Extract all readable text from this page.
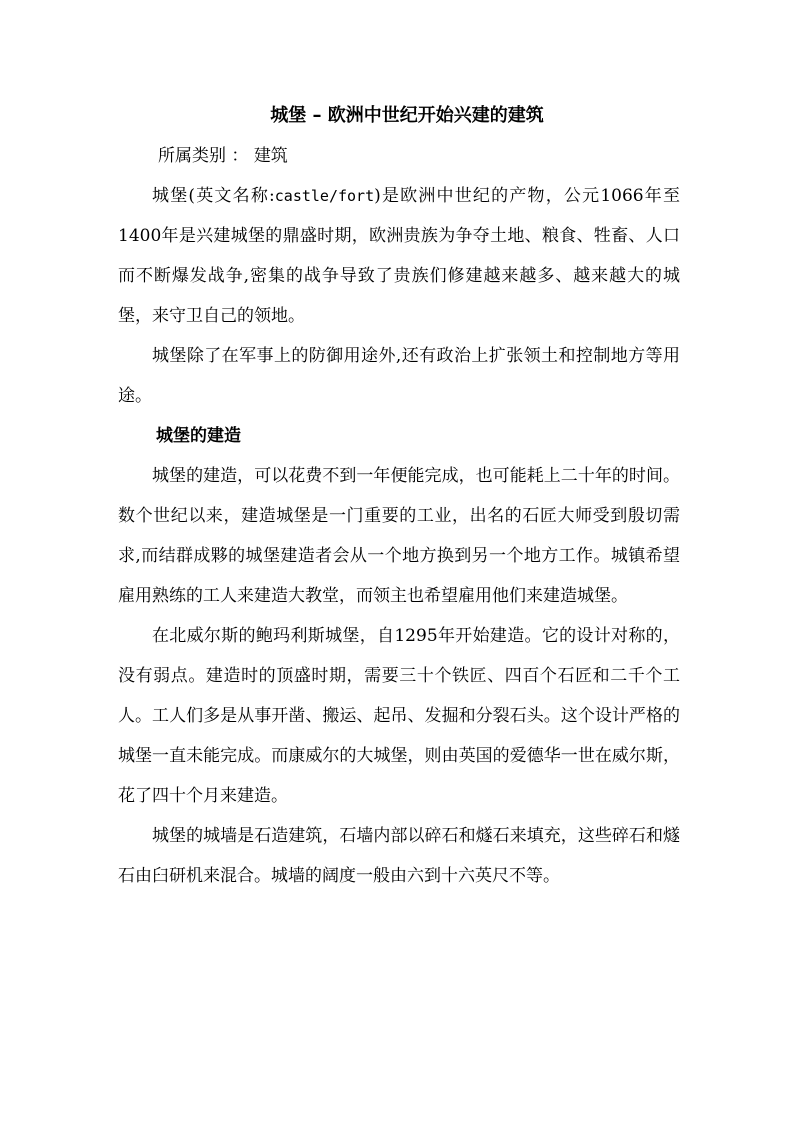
城堡 – 欧洲中世纪开始兴建的建筑
所属类别 ： 建筑

城堡(英文名称:castle/fort)是欧洲中世纪的产物，公元1066年至1400年是兴建城堡的鼎盛时期，欧洲贵族为争夺土地、粮食、牲畜、人口而不断爆发战争,密集的战争导致了贵族们修建越来越多、越来越大的城堡，来守卫自己的领地。

城堡除了在军事上的防御用途外,还有政治上扩张领土和控制地方等用途。

城堡的建造

城堡的建造，可以花费不到一年便能完成，也可能耗上二十年的时间。数个世纪以来，建造城堡是一门重要的工业，出名的石匠大师受到殷切需求,而结群成夥的城堡建造者会从一个地方换到另一个地方工作。城镇希望雇用熟练的工人来建造大教堂，而领主也希望雇用他们来建造城堡。

在北威尔斯的鲍玛利斯城堡，自1295年开始建造。它的设计对称的，没有弱点。建造时的顶盛时期，需要三十个铁匠、四百个石匠和二千个工人。工人们多是从事开凿、搬运、起吊、发掘和分裂石头。这个设计严格的城堡一直未能完成。而康威尔的大城堡，则由英国的爱德华一世在威尔斯，花了四十个月来建造。

城堡的城墙是石造建筑，石墙内部以碎石和燧石来填充，这些碎石和燧石由臼研机来混合。城墙的阔度一般由六到十六英尺不等。
